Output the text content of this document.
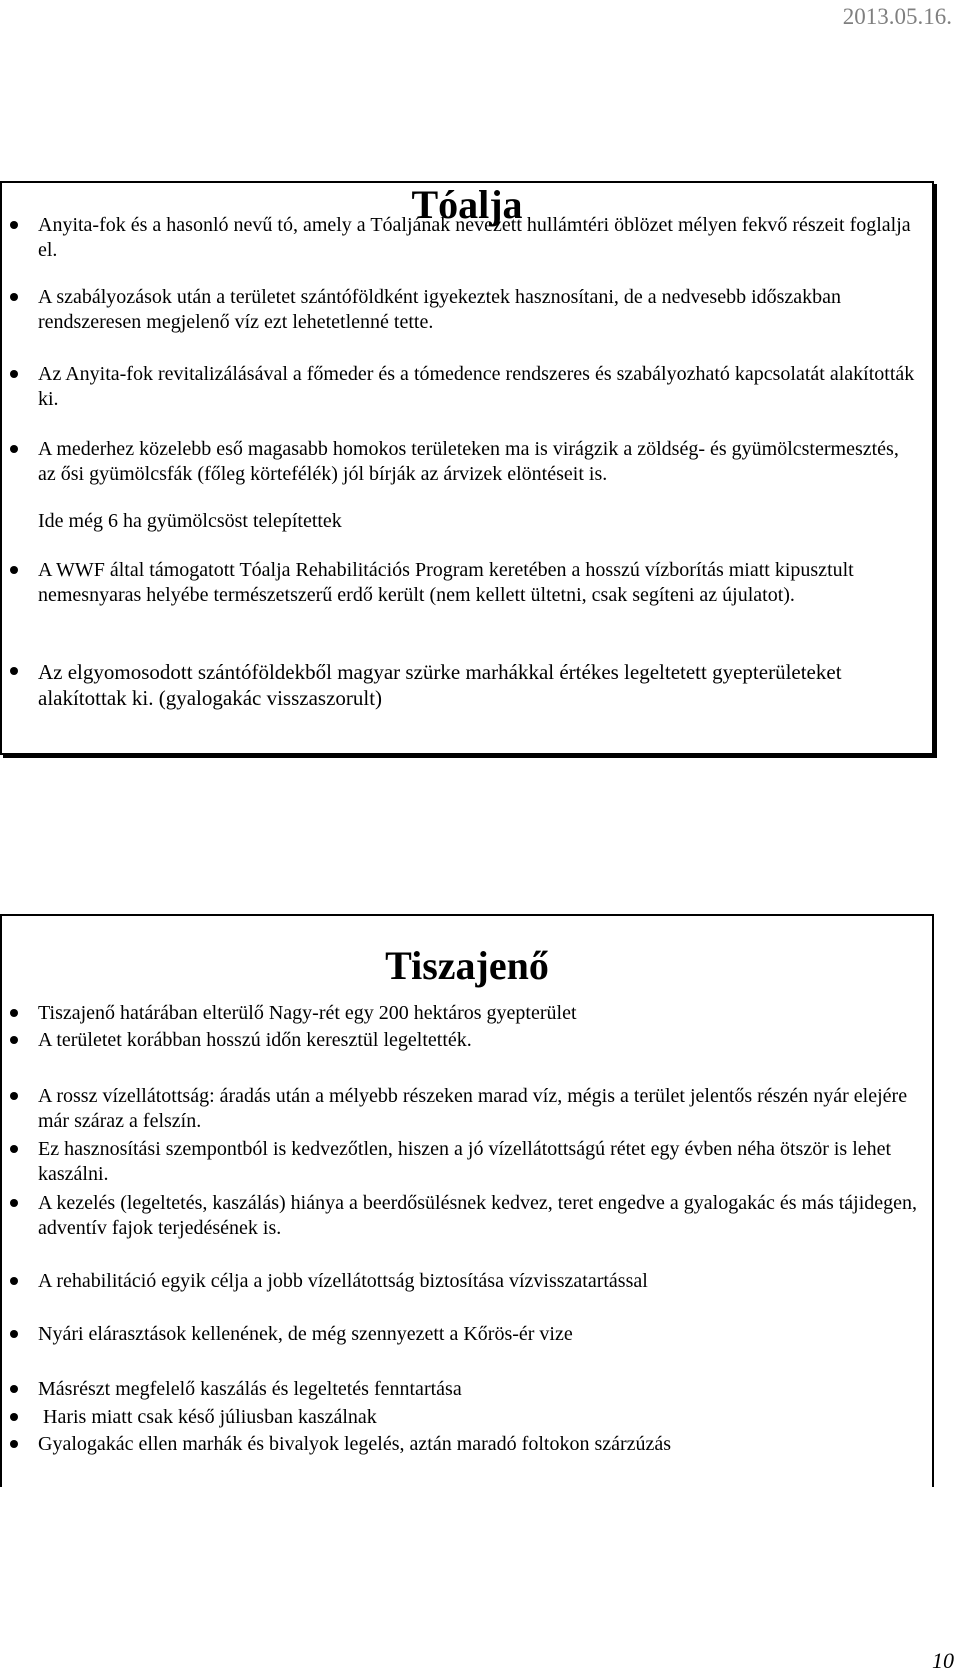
2013.05.16.
Tóalja
Anyita-fok és a hasonló nevű tó, amely a Tóaljának nevezett hullámtéri öblözet mélyen fekvő részeit foglalja el.
A szabályozások után a területet szántóföldként igyekeztek hasznosítani, de a nedvesebb időszakban rendszeresen megjelenő víz ezt lehetetlenné tette.
Az Anyita-fok revitalizálásával a főmeder és a tómedence rendszeres és szabályozható kapcsolatát alakították ki.
A mederhez közelebb eső magasabb homokos területeken ma is virágzik a zöldség- és gyümölcstermesztés, az ősi gyümölcsfák (főleg körtefélék) jól bírják az árvizek elöntéseit is.
Ide még 6 ha gyümölcsöst telepítettek
A WWF által támogatott Tóalja Rehabilitációs Program keretében a hosszú vízborítás miatt kipusztult nemesnyaras helyébe természetszerű erdő került (nem kellett ültetni, csak segíteni az újulatot).
Az elgyomosodott szántóföldekből magyar szürke marhákkal értékes legeltetett gyepterületeket alakítottak ki. (gyalogakác visszaszorult)
Tiszajenő
Tiszajenő határában elterülő Nagy-rét egy 200 hektáros gyepterület
A területet korábban hosszú időn keresztül legeltették.
A rossz vízellátottság: áradás után a mélyebb részeken marad víz, mégis a terület jelentős részén nyár elejére már száraz a felszín.
Ez hasznosítási szempontból is kedvezőtlen, hiszen a jó vízellátottságú rétet egy évben néha ötször is lehet kaszálni.
A kezelés (legeltetés, kaszálás) hiánya a beerdősülésnek kedvez, teret engedve a gyalogakác és más tájidegen, adventív fajok terjedésének is.
A rehabilitáció egyik célja a jobb vízellátottság biztosítása vízvisszatartással
Nyári elárasztások kellenének, de még szennyezett a Kőrös-ér vize
Másrészt megfelelő kaszálás és legeltetés fenntartása
Haris miatt csak késő júliusban kaszálnak
Gyalogakác ellen marhák és bivalyok legelés, aztán maradó foltokon szárzúzás
10
